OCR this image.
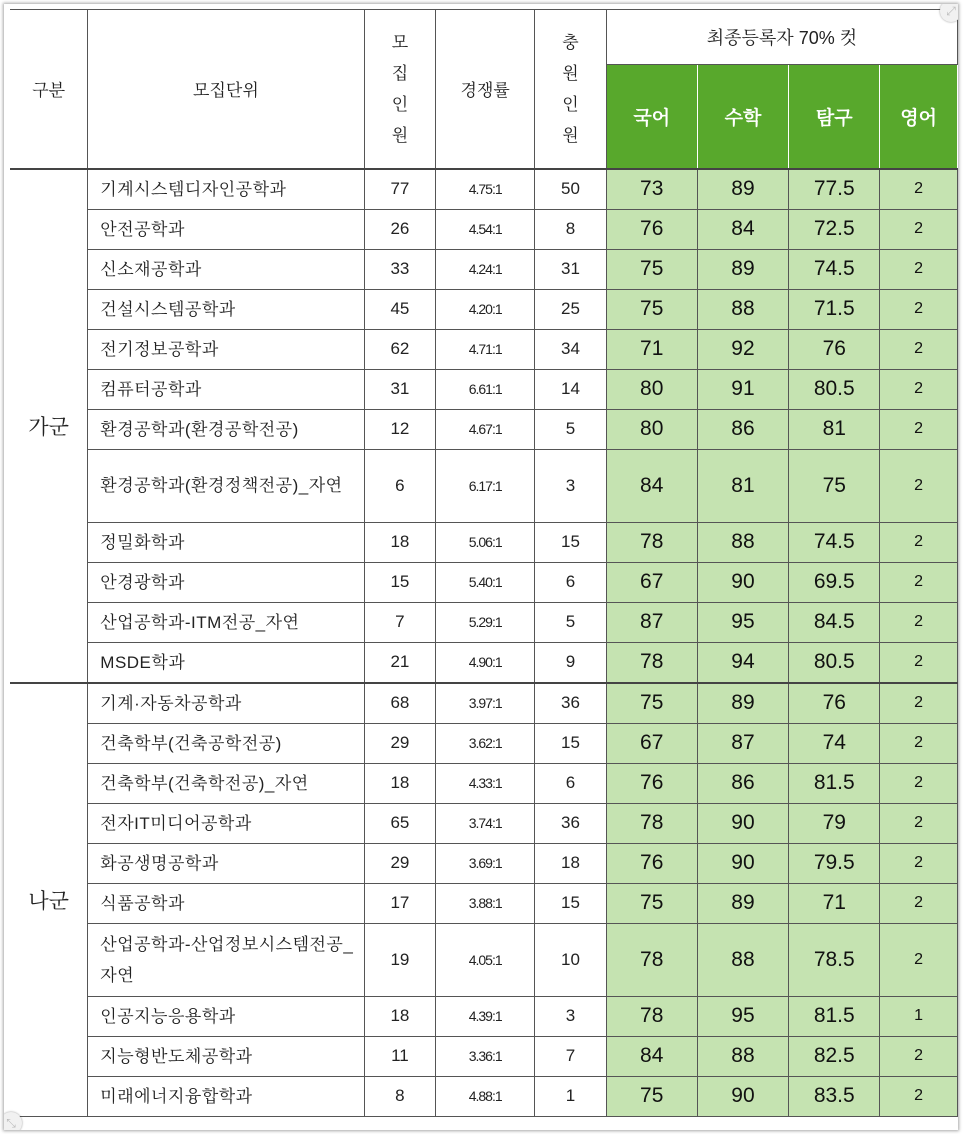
⤡
⤢
구분	모집단위	모
집
인
원	경쟁률	충
원
인
원	최종등록자 70% 컷			
					국어	수학	탐구	영어
가군	기계시스템디자인공학과	77	4.75:1	50	73	89	77.5	2
	안전공학과	26	4.54:1	8	76	84	72.5	2
	신소재공학과	33	4.24:1	31	75	89	74.5	2
	건설시스템공학과	45	4.20:1	25	75	88	71.5	2
	전기정보공학과	62	4.71:1	34	71	92	76	2
	컴퓨터공학과	31	6.61:1	14	80	91	80.5	2
	환경공학과(환경공학전공)	12	4.67:1	5	80	86	81	2
	환경공학과(환경정책전공)_자연	6	6.17:1	3	84	81	75	2
	정밀화학과	18	5.06:1	15	78	88	74.5	2
	안경광학과	15	5.40:1	6	67	90	69.5	2
	산업공학과-ITM전공_자연	7	5.29:1	5	87	95	84.5	2
	MSDE학과	21	4.90:1	9	78	94	80.5	2
나군	기계·자동차공학과	68	3.97:1	36	75	89	76	2
	건축학부(건축공학전공)	29	3.62:1	15	67	87	74	2
	건축학부(건축학전공)_자연	18	4.33:1	6	76	86	81.5	2
	전자IT미디어공학과	65	3.74:1	36	78	90	79	2
	화공생명공학과	29	3.69:1	18	76	90	79.5	2
	식품공학과	17	3.88:1	15	75	89	71	2
	산업공학과-산업정보시스템전공_자연	19	4.05:1	10	78	88	78.5	2
	인공지능응용학과	18	4.39:1	3	78	95	81.5	1
	지능형반도체공학과	11	3.36:1	7	84	88	82.5	2
	미래에너지융합학과	8	4.88:1	1	75	90	83.5	2
